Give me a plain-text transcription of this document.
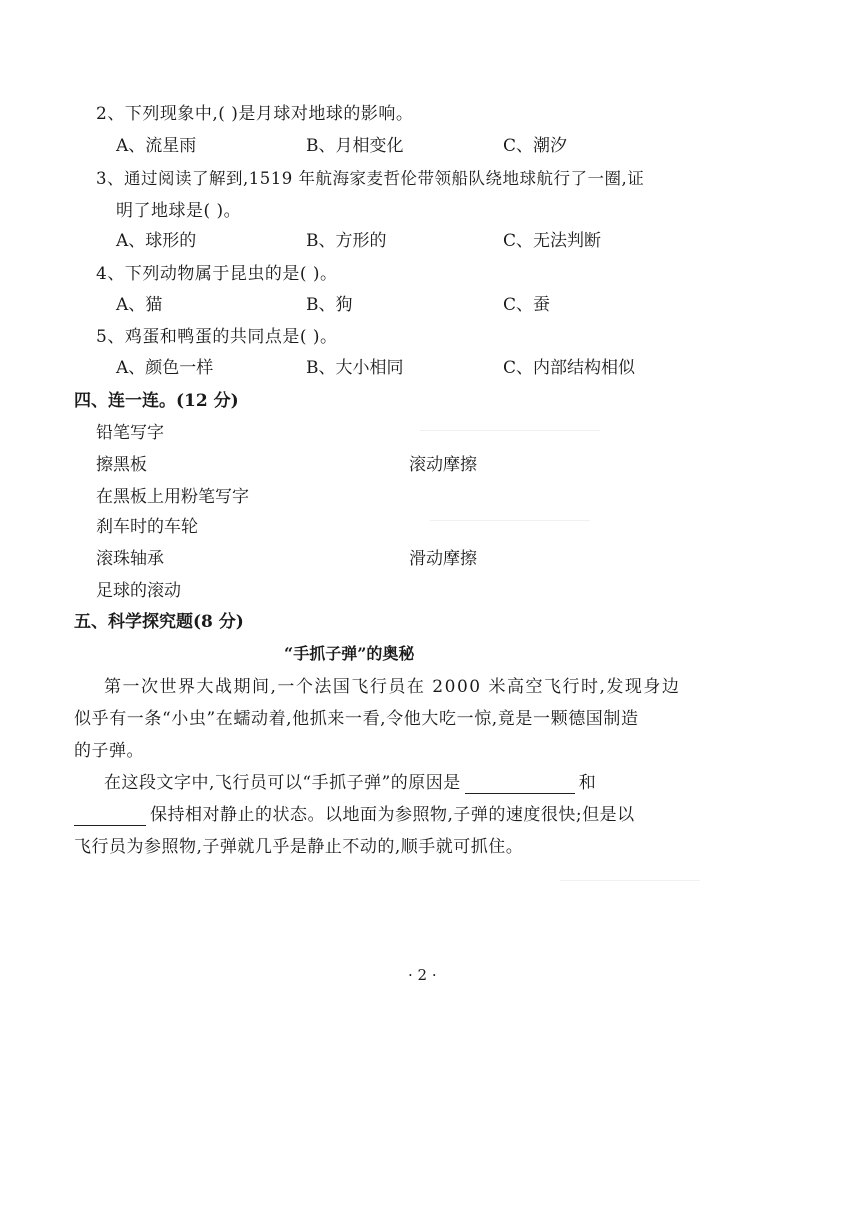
2、下列现象中,( )是月球对地球的影响。
A、流星雨	B、月相变化	C、潮汐
3、通过阅读了解到,1519 年航海家麦哲伦带领船队绕地球航行了一圈,证
明了地球是( )。
A、球形的	B、方形的	C、无法判断
4、下列动物属于昆虫的是( )。
A、猫	B、狗	C、蚕
5、鸡蛋和鸭蛋的共同点是( )。
A、颜色一样	B、大小相同	C、内部结构相似
四、连一连。(12 分)
铅笔写字
擦黑板	滚动摩擦
在黑板上用粉笔写字
刹车时的车轮
滚珠轴承	滑动摩擦
足球的滚动
五、科学探究题(8 分)
“手抓子弹”的奥秘
第一次世界大战期间,一个法国飞行员在 2000 米高空飞行时,发现身边
似乎有一条“小虫”在蠕动着,他抓来一看,令他大吃一惊,竟是一颗德国制造
的子弹。
在这段文字中,飞行员可以“手抓子弹”的原因是	和
保持相对静止的状态。以地面为参照物,子弹的速度很快;但是以
飞行员为参照物,子弹就几乎是静止不动的,顺手就可抓住。
· 2 ·
